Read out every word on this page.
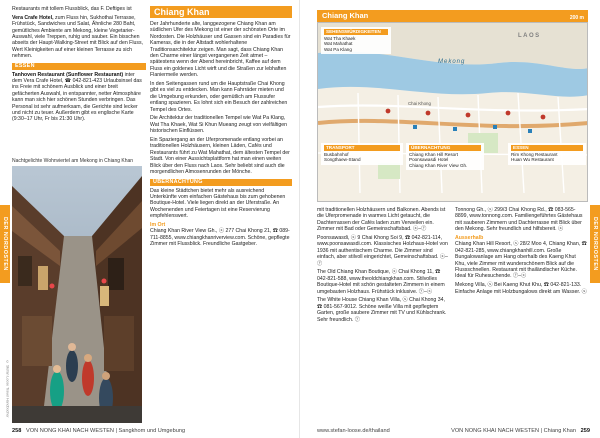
DER NORDOSTEN

Restaurants mit tollem Flussblick, das F. Deftiges ist

Vera Crafe Hotel, zum Fluss hin, Sukhothai Terrasse, Frühstück, Sandwiches und Salat, Ähnliche 280 Baht, gemütliches Ambiente am Mekong, kleine Vegetarier-Auswahl, viele Treppen, ruhig und sauber. Ein bisschen abseits der Haupt-Walking-Street mit Blick auf den Fluss, Wert Kleinigkeiten auf einer kleinen Terrasse zu sich nehmen.

ESSEN

Tanhoven Restaurant (Sunflower Restaurant) inter dem Vera Crafe Hotel, ☎ 042-821-423 Urlaubsinsel das ins Freie mit schönem Ausblick und einer breit gefächerten Auswahl, in entspannter, netter Atmosphäre kann man sich hier schönen Stunden verbringen. Das Personal ist sehr aufmerksam, die Gerichte sind lecker und nicht zu teuer. Außerdem gibt es englische Karte (9:30–17 Uhr, Fr bis 21:30 Uhr).

Nachtgelichte Wohnviertel am Mekong in Chiang Khan
© Stefan Loose Travel Handbücher
Chiang Khan

Der Jahrhunderte alte, langgezogene Chiang Khan am südlichen Ufer des Mekong ist einer der schönsten Orte im Nordosten. Die Holzhäuser und Gassen sind ein Paradies für Kameras, die in der Altstadt wohlerhaltene Traditionsarchitektur zeigen. Man sagt, dass Chiang Khan den Charme einer längst vergangenen Zeit atmet – spätestens wenn der Abend hereinbricht, Kaffee auf dem Fluss ein goldenes Licht wirft und die Straßen zur lebhaften Flaniermeile werden.

In den Seitengassen rund um die Hauptstraße Chai Khong gibt es viel zu entdecken. Man kann Fahrräder mieten und die Umgebung erkunden, oder gemütlich am Flussufer entlang spazieren. Es lohnt sich ein Besuch der zahlreichen Tempel des Ortes.

Die Architektur der traditionellen Tempel wie Wat Pa Klang, Wat Tha Khaek, Wat Si Khun Mueang zeugt von vielfältigen historischen Einflüssen.

Ein Spaziergang an der Uferpromenade entlang vorbei an traditionellen Holzhäusern, kleinen Läden, Cafés und Restaurants führt zu Wat Mahathat, dem ältesten Tempel der Stadt. Von einer Aussichtsplattform hat man einen weiten Blick über den Fluss nach Laos. Sehr beliebt sind auch die morgendlichen Almosenrunden der Mönche.

ÜBERNACHTUNG

Das kleine Städtchen bietet mehr als ausreichend Unterkünfte vom einfachen Gästehaus bis zum gehobenen Boutique-Hotel. Viele liegen direkt an der Uferstraße. An Wochenenden und Feiertagen ist eine Reservierung empfehlenswert.

Im Ort

Chiang Khan River View Gh., ⓧ 277 Chai Khong 21, ☎ 089-711-8855, www.chiangkhanriverview.com. Schöne, gepflegte Zimmer mit Flussblick. Freundliche Gastgeber.

258 VON NONG KHAI NACH WESTEN | Sangkhom und Umgebung
Chiang Khan	200 m
Mekong
LAOS
Chai Khong
SEHENSWÜRDIGKEITEN
Wat Tha Khaek
Wat Mahathat
Wat Pa Klang
TRANSPORT
Busbahnhof
Songthaew-Stand
ÜBERNACHTUNG
Chiang Khan Hill Resort
Poonsawasdi Hotel
Chiang Khan River View Gh.
ESSEN
Rim Khong Restaurant
Huan Wu Restaurant
DER NORDOSTEN

mit traditionellen Holzhäusern und Balkonen. Abends ist die Uferpromenade in warmes Licht getaucht, die Dachterrassen der Cafés laden zum Verweilen ein. Zimmer mit Bad oder Gemeinschaftsbad. ⓧ–ⓨ

Poonsawasdi, ⓧ 9 Chai Khong Soi 9, ☎ 042-821-114, www.poonsawasdi.com. Klassisches Holzhaus-Hotel von 1936 mit authentischem Charme. Die Zimmer sind einfach, aber stilvoll eingerichtet, Gemeinschaftsbad. ⓧ–ⓨ

The Old Chiang Khan Boutique, ⓧ Chai Khong 11, ☎ 042-821-588, www.theoldchiangkhan.com. Stilvolles Boutique-Hotel mit schön gestalteten Zimmern in einem umgebauten Holzhaus. Frühstück inklusive. ⓨ–ⓩ

The White House Chiang Khan Villa, ⓧ Chai Khong 34, ☎ 081-567-9012. Schöne weiße Villa mit gepflegtem Garten, große saubere Zimmer mit TV und Kühlschrank. Sehr freundlich. ⓨ

Tonnong Gh., ⓧ 299/3 Chai Khong Rd., ☎ 083-565-8899, www.tonnong.com. Familiengeführtes Gästehaus mit sauberen Zimmern und Dachterrasse mit Blick über den Mekong. Sehr freundlich und hilfsbereit. ⓧ

Ausserhalb

Chiang Khan Hill Resort, ⓧ 28/2 Moo 4, Chiang Khan, ☎ 042-821-285, www.chiangkhanhill.com. Große Bungalowanlage am Hang oberhalb des Kaeng Khut Khu, viele Zimmer mit wunderschönem Blick auf die Flussschnellen. Restaurant mit thailändischer Küche. Ideal für Ruhesuchende. ⓨ–ⓩ

Mekong Villa, ⓧ Bei Kaeng Khut Khu, ☎ 042-821-133. Einfache Anlage mit Holzbungalows direkt am Wasser. ⓧ

www.stefan-loose.de/thailand	VON NONG KHAI NACH WESTEN | Chiang Khan 259
